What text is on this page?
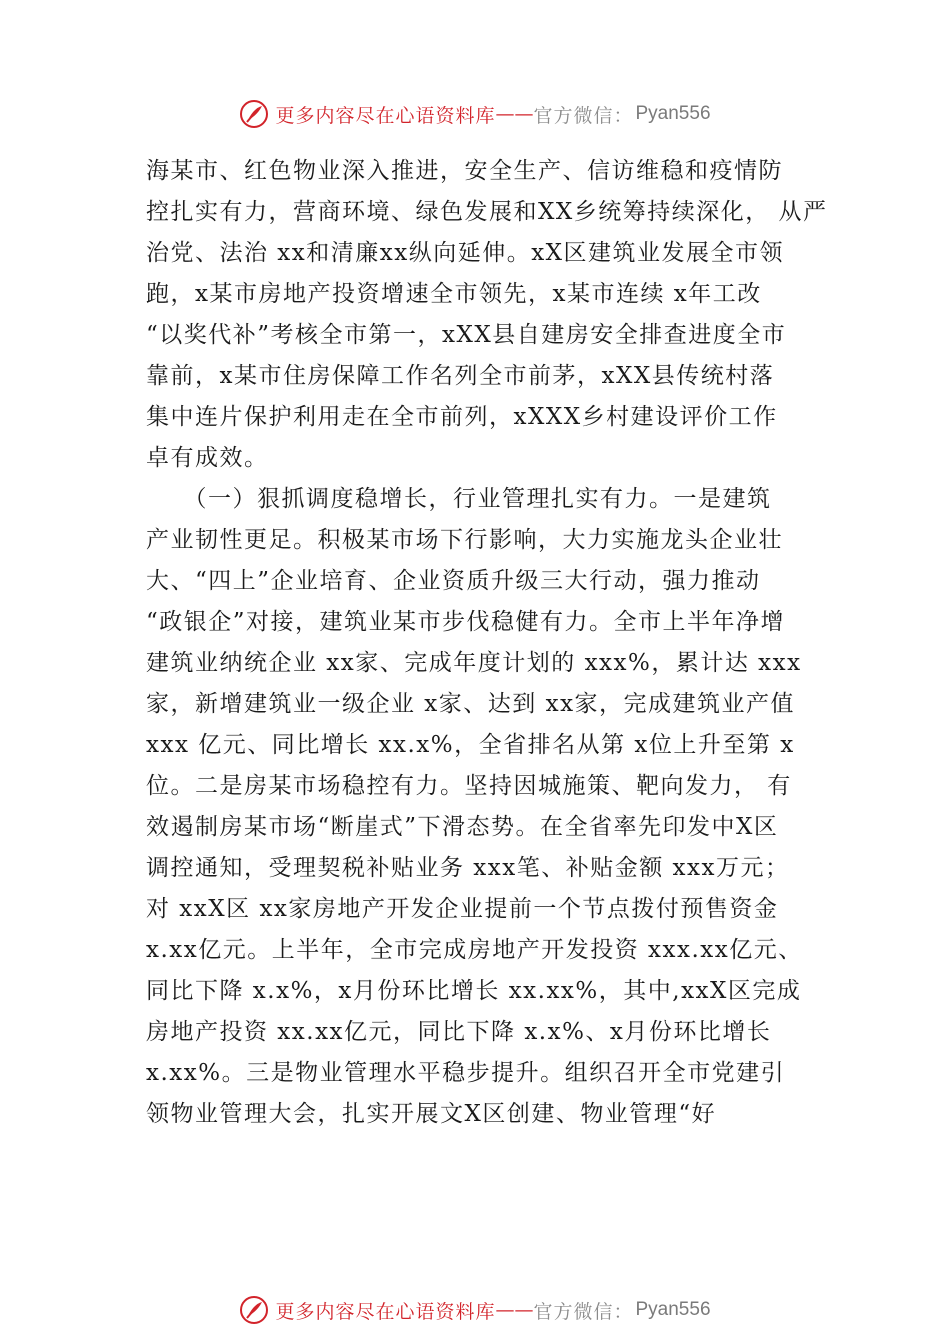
更多内容尽在心语资料库 —— 官方微信： Pyan556

海某市、红色物业深入推进，安全生产、信访维稳和疫情防

控扎实有力，营商环境、绿色发展和XX乡统筹持续深化， 从严

治党、法治 xx和清廉xx纵向延伸。xX区建筑业发展全市领

跑，x某市房地产投资增速全市领先，x某市连续 x年工改

“以奖代补”考核全市第一，xXX县自建房安全排查进度全市

靠前，x某市住房保障工作名列全市前茅，xXX县传统村落

集中连片保护利用走在全市前列，xXXX乡村建设评价工作

卓有成效。

　　（一）狠抓调度稳增长，行业管理扎实有力。一是建筑

产业韧性更足。积极某市场下行影响，大力实施龙头企业壮

大、“四上”企业培育、企业资质升级三大行动，强力推动

“政银企”对接，建筑业某市步伐稳健有力。全市上半年净增

建筑业纳统企业 xx家、完成年度计划的 xxx%，累计达 xxx

家，新增建筑业一级企业 x家、达到 xx家，完成建筑业产值

xxx 亿元、同比增长 xx.x%，全省排名从第 x位上升至第 x

位。二是房某市场稳控有力。坚持因城施策、靶向发力， 有

效遏制房某市场“断崖式”下滑态势。在全省率先印发中X区

调控通知，受理契税补贴业务 xxx笔、补贴金额 xxx万元；

对 xxX区 xx家房地产开发企业提前一个节点拨付预售资金

x.xx亿元。上半年，全市完成房地产开发投资 xxx.xx亿元、

同比下降 x.x%，x月份环比增长 xx.xx%，其中,xxX区完成

房地产投资 xx.xx亿元，同比下降 x.x%、x月份环比增长

x.xx%。三是物业管理水平稳步提升。组织召开全市党建引

领物业管理大会，扎实开展文X区创建、物业管理“好

更多内容尽在心语资料库 —— 官方微信： Pyan556
